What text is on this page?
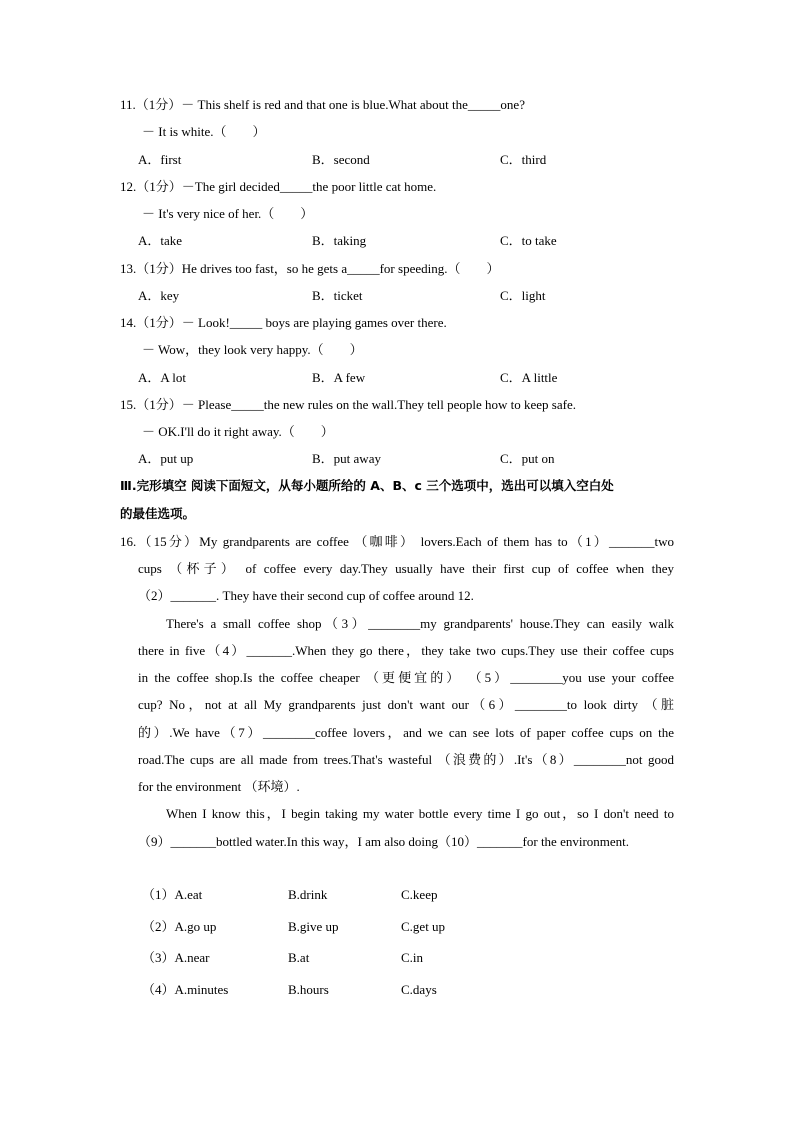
11.（1分）－ This shelf is red and that one is blue.What about the_____one?
－ It is white.（　　）
A．first	B．second	C．third
12.（1分）－The girl decided_____the poor little cat home.
－ It's very nice of her.（　　）
A．take	B．taking	C．to take
13.（1分）He drives too fast，so he gets a_____for speeding.（　　）
A．key	B．ticket	C．light
14.（1分）－ Look!_____ boys are playing games over there.
－ Wow，they look very happy.（　　）
A．A lot	B．A few	C．A little
15.（1分）－ Please_____the new rules on the wall.They tell people how to keep safe.
－ OK.I'll do it right away.（　　）
A．put up	B．put away	C．put on
Ⅲ.完形填空 阅读下面短文，从每小题所给的 A、B、c 三个选项中，选出可以填入空白处
的最佳选项。
16.（15分）My grandparents are coffee （咖啡） lovers.Each of them has to（1）_______two
cups （杯子） of coffee every day.They usually have their first cup of coffee when they
（2）_______. They have their second cup of coffee around 12.
There's a small coffee shop（3）________my grandparents' house.They can easily walk
there in five（4）_______.When they go there，they take two cups.They use their coffee cups
in the coffee shop.Is the coffee cheaper （更便宜的） （5）________you use your coffee
cup? No，not at all My grandparents just don't want our（6）________to look dirty （脏
的）.We have（7）________coffee lovers，and we can see lots of paper coffee cups on the
road.The cups are all made from trees.That's wasteful （浪费的）.It's（8）________not good
for the environment （环境）.
When I know this，I begin taking my water bottle every time I go out，so I don't need to
（9）_______bottled water.In this way，I am also doing（10）_______for the environment.
（1）A.eat	B.drink	C.keep
（2）A.go up	B.give up	C.get up
（3）A.near	B.at	C.in
（4）A.minutes	B.hours	C.days
